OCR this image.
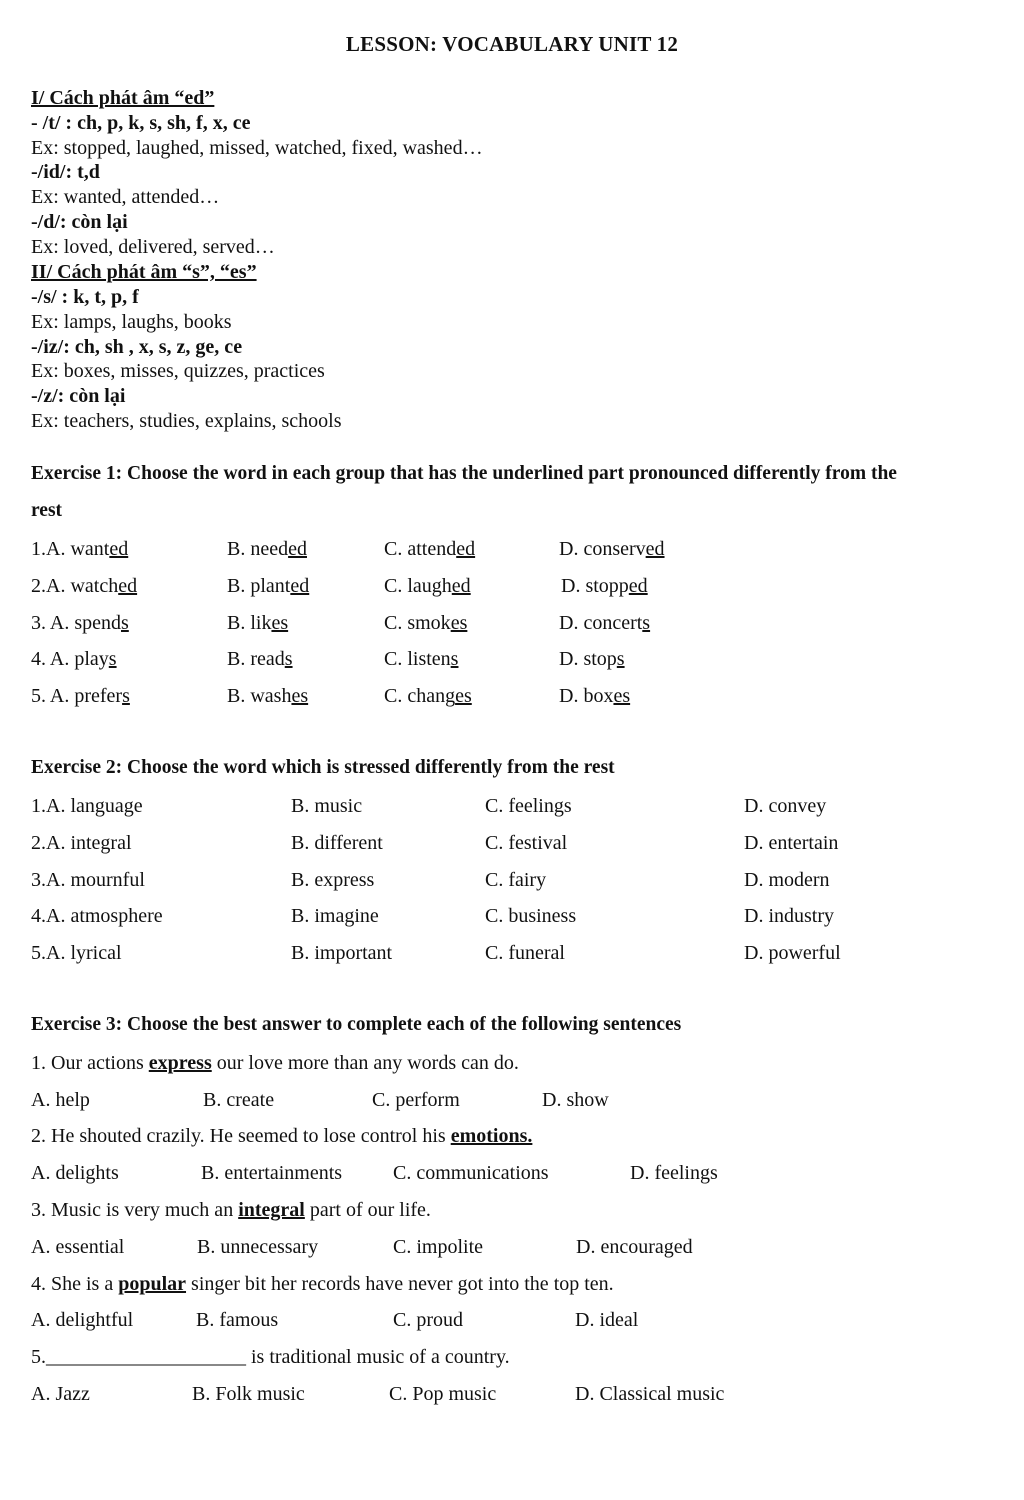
LESSON: VOCABULARY UNIT 12
I/ Cách phát âm “ed”
- /t/ : ch, p, k, s, sh, f, x, ce
Ex: stopped, laughed, missed, watched, fixed, washed…
-/id/: t,d
Ex: wanted, attended…
-/d/: còn lại
Ex: loved, delivered, served…
II/ Cách phát âm “s”, “es”
-/s/ : k, t, p, f
Ex: lamps, laughs, books
-/iz/: ch, sh , x, s, z, ge, ce
Ex: boxes, misses, quizzes, practices
-/z/: còn lại
Ex: teachers, studies, explains, schools
Exercise 1: Choose the word in each group that has the underlined part pronounced differently from the
rest
1.A. wanted	B. needed	C. attended	D. conserved
2.A. watched	B. planted	C. laughed	D. stopped
3. A. spends	B. likes	C. smokes	D. concerts
4. A. plays	B. reads	C. listens	D. stops
5. A. prefers	B. washes	C. changes	D. boxes
Exercise 2: Choose the word which is stressed differently from the rest
1.A. language	B. music	C. feelings	D. convey
2.A. integral	B. different	C. festival	D. entertain
3.A. mournful	B. express	C. fairy	D. modern
4.A. atmosphere	B. imagine	C. business	D. industry
5.A. lyrical	B. important	C. funeral	D. powerful
Exercise 3: Choose the best answer to complete each of the following sentences
1. Our actions express our love more than any words can do.
2. He shouted crazily. He seemed to lose control his emotions.
3. Music is very much an integral part of our life.
4. She is a popular singer bit her records have never got into the top ten.
5.____________________ is traditional music of a country.
A. help	B. create	C. perform	D. show
A. delights	B. entertainments	C. communications	D. feelings
A. essential	B. unnecessary	C. impolite	D. encouraged
A. delightful	B. famous	C. proud	D. ideal
A. Jazz	B. Folk music	C. Pop music	D. Classical music
